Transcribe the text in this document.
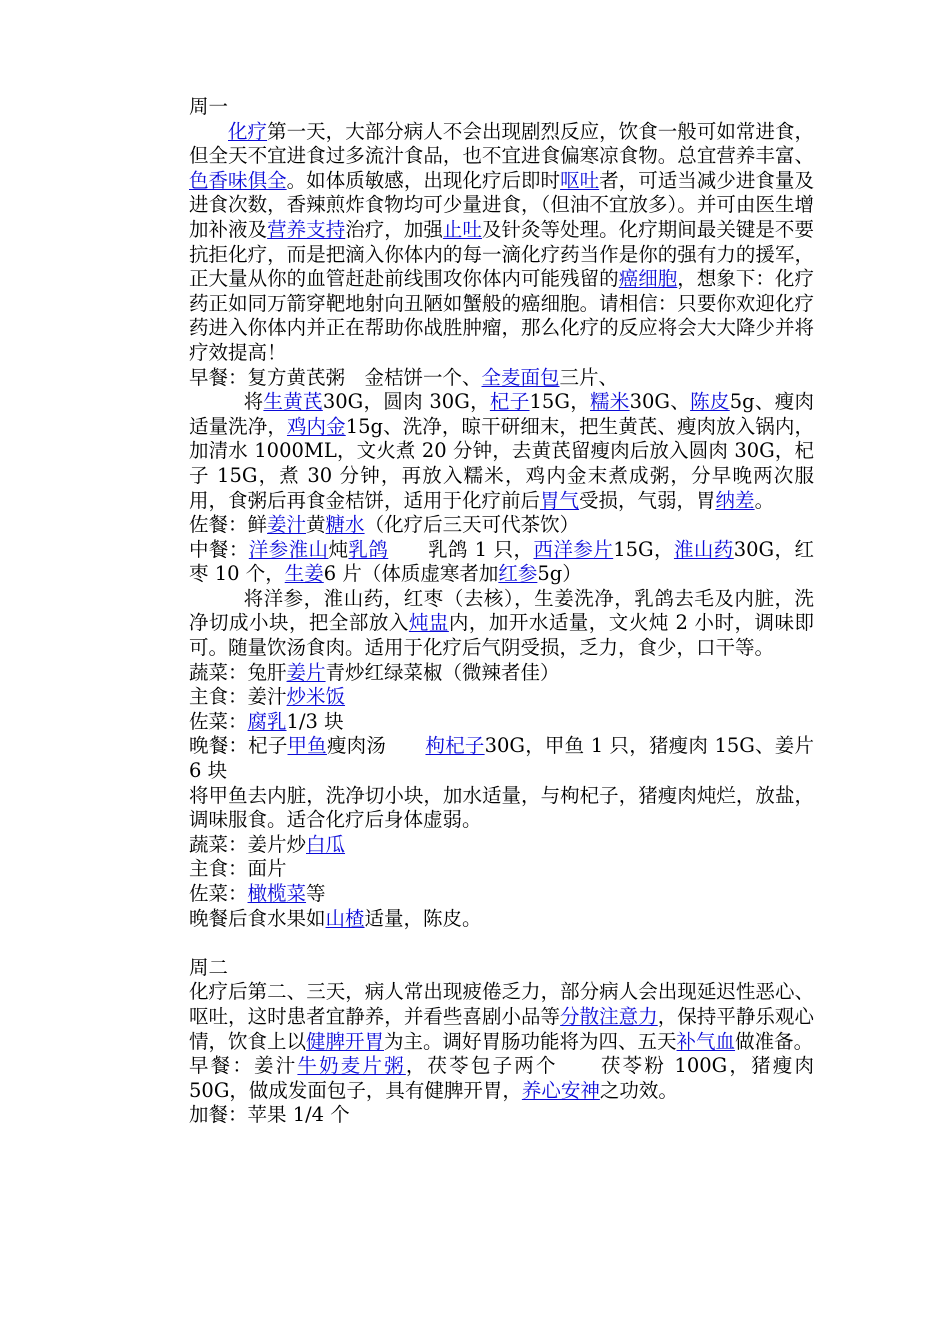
周一

化疗第一天，大部分病人不会出现剧烈反应，饮食一般可如常进食，但全天不宜进食过多流汁食品，也不宜进食偏寒凉食物。总宜营养丰富、色香味俱全。如体质敏感，出现化疗后即时呕吐者，可适当减少进食量及进食次数，香辣煎炸食物均可少量进食，（但油不宜放多）。并可由医生增加补液及营养支持治疗，加强止吐及针灸等处理。化疗期间最关键是不要抗拒化疗，而是把滴入你体内的每一滴化疗药当作是你的强有力的援军，正大量从你的血管赶赴前线围攻你体内可能残留的癌细胞，想象下：化疗药正如同万箭穿靶地射向丑陋如蟹般的癌细胞。请相信：只要你欢迎化疗药进入你体内并正在帮助你战胜肿瘤，那么化疗的反应将会大大降少并将疗效提高！

早餐：复方黄芪粥　金桔饼一个、全麦面包三片、

将生黄芪30G，圆肉 30G，杞子15G，糯米30G、陈皮5g、瘦肉适量洗净，鸡内金15g、洗净，晾干研细末，把生黄芪、瘦肉放入锅内，加清水 1000ML，文火煮 20 分钟，去黄芪留瘦肉后放入圆肉 30G，杞子 15G，煮 30 分钟，再放入糯米，鸡内金末煮成粥，分早晚两次服用，食粥后再食金桔饼，适用于化疗前后胃气受损，气弱，胃纳差。

佐餐：鲜姜汁黄糖水（化疗后三天可代茶饮）

中餐：洋参淮山炖乳鸽　　乳鸽 1 只，西洋参片15G，淮山药30G，红枣 10 个，生姜6 片（体质虚寒者加红参5g）

将洋参，淮山药，红枣（去核），生姜洗净，乳鸽去毛及内脏，洗净切成小块，把全部放入炖盅内，加开水适量，文火炖 2 小时，调味即可。随量饮汤食肉。适用于化疗后气阴受损，乏力，食少，口干等。

蔬菜：兔肝姜片青炒红绿菜椒（微辣者佳）

主食：姜汁炒米饭

佐菜：腐乳1/3 块

晚餐：杞子甲鱼瘦肉汤　　枸杞子30G，甲鱼 1 只，猪瘦肉 15G、姜片 6 块

将甲鱼去内脏，洗净切小块，加水适量，与枸杞子，猪瘦肉炖烂，放盐，调味服食。适合化疗后身体虚弱。

蔬菜：姜片炒白瓜

主食：面片

佐菜：橄榄菜等

晚餐后食水果如山楂适量，陈皮。

周二

化疗后第二、三天，病人常出现疲倦乏力，部分病人会出现延迟性恶心、呕吐，这时患者宜静养，并看些喜剧小品等分散注意力，保持平静乐观心情，饮食上以健脾开胃为主。调好胃肠功能将为四、五天补气血做准备。

早餐：姜汁牛奶麦片粥，茯苓包子两个　　茯苓粉 100G，猪瘦肉 50G，做成发面包子，具有健脾开胃，养心安神之功效。

加餐：苹果 1/4 个
